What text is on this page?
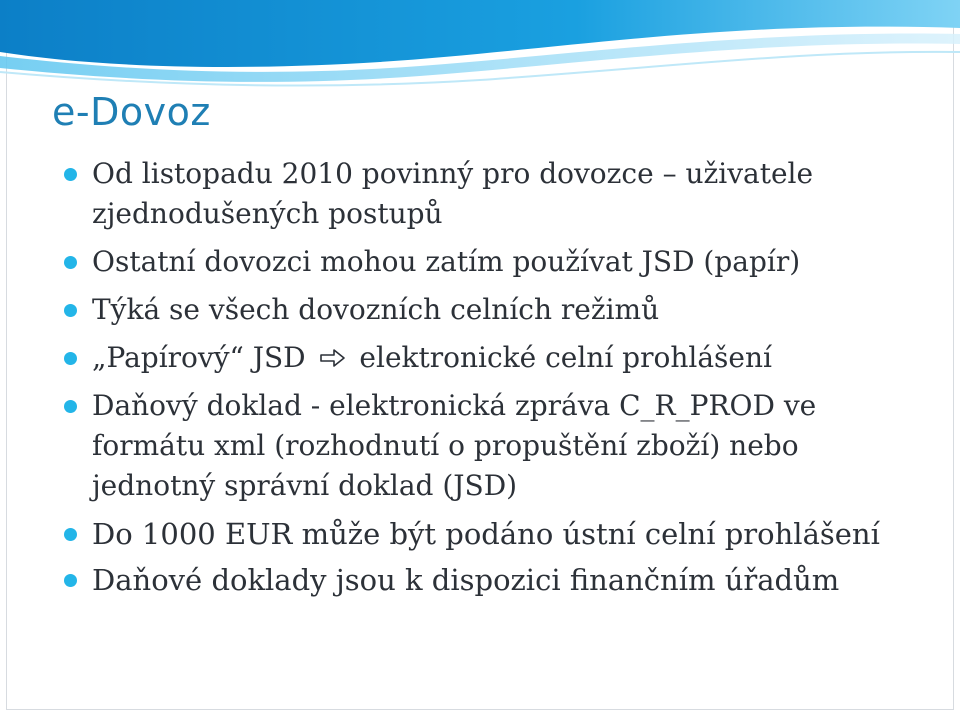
e-Dovoz
Od listopadu 2010 povinný pro dovozce – uživatele zjednodušených postupů
Ostatní dovozci mohou zatím používat JSD (papír)
Týká se všech dovozních celních režimů
„Papírový“ JSD elektronické celní prohlášení
Daňový doklad - elektronická zpráva C_R_PROD ve formátu xml (rozhodnutí o propuštění zboží) nebo jednotný správní doklad (JSD)
Do 1000 EUR může být podáno ústní celní prohlášení
Daňové doklady jsou k dispozici finančním úřadům
